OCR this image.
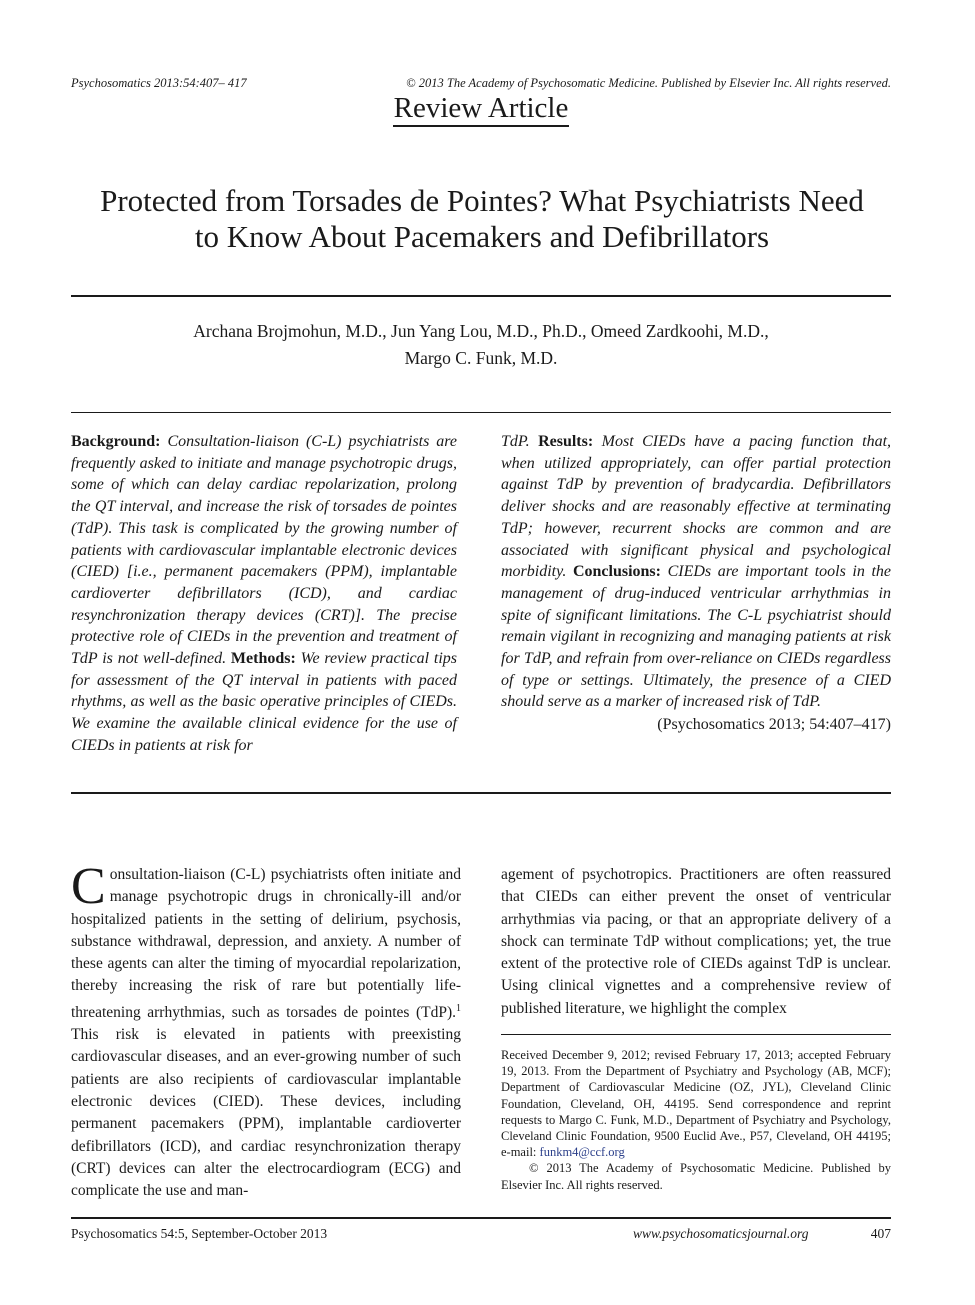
Psychosomatics 2013:54:407– 417	© 2013 The Academy of Psychosomatic Medicine. Published by Elsevier Inc. All rights reserved.
Review Article
Protected from Torsades de Pointes? What Psychiatrists Need
to Know About Pacemakers and Defibrillators
Archana Brojmohun, M.D., Jun Yang Lou, M.D., Ph.D., Omeed Zardkoohi, M.D.,
Margo C. Funk, M.D.
Background: Consultation-liaison (C-L) psychiatrists are frequently asked to initiate and manage psychotropic drugs, some of which can delay cardiac repolarization, prolong the QT interval, and increase the risk of torsades de pointes (TdP). This task is complicated by the growing number of patients with cardiovascular implantable electronic devices (CIED) [i.e., permanent pacemakers (PPM), implantable cardioverter defibrillators (ICD), and cardiac resynchronization therapy devices (CRT)]. The precise protective role of CIEDs in the prevention and treatment of TdP is not well-defined. Methods: We review practical tips for assessment of the QT interval in patients with paced rhythms, as well as the basic operative principles of CIEDs. We examine the available clinical evidence for the use of CIEDs in patients at risk for
TdP. Results: Most CIEDs have a pacing function that, when utilized appropriately, can offer partial protection against TdP by prevention of bradycardia. Defibrillators deliver shocks and are reasonably effective at terminating TdP; however, recurrent shocks are common and are associated with significant physical and psychological morbidity. Conclusions: CIEDs are important tools in the management of drug-induced ventricular arrhythmias in spite of significant limitations. The C-L psychiatrist should remain vigilant in recognizing and managing patients at risk for TdP, and refrain from over-reliance on CIEDs regardless of type or settings. Ultimately, the presence of a CIED should serve as a marker of increased risk of TdP.
(Psychosomatics 2013; 54:407–417)
Consultation-liaison (C-L) psychiatrists often initiate and manage psychotropic drugs in chronically-ill and/or hospitalized patients in the setting of delirium, psychosis, substance withdrawal, depression, and anxiety. A number of these agents can alter the timing of myocardial repolarization, thereby increasing the risk of rare but potentially life-threatening arrhythmias, such as torsades de pointes (TdP).$^1$ This risk is elevated in patients with preexisting cardiovascular diseases, and an ever-growing number of such patients are also recipients of cardiovascular implantable electronic devices (CIED). These devices, including permanent pacemakers (PPM), implantable cardioverter defibrillators (ICD), and cardiac resynchronization therapy (CRT) devices can alter the electrocardiogram (ECG) and complicate the use and man-
agement of psychotropics. Practitioners are often reassured that CIEDs can either prevent the onset of ventricular arrhythmias via pacing, or that an appropriate delivery of a shock can terminate TdP without complications; yet, the true extent of the protective role of CIEDs against TdP is unclear. Using clinical vignettes and a comprehensive review of published literature, we highlight the complex

Received December 9, 2012; revised February 17, 2013; accepted February 19, 2013. From the Department of Psychiatry and Psychology (AB, MCF); Department of Cardiovascular Medicine (OZ, JYL), Cleveland Clinic Foundation, Cleveland, OH, 44195. Send correspondence and reprint requests to Margo C. Funk, M.D., Department of Psychiatry and Psychology, Cleveland Clinic Foundation, 9500 Euclid Ave., P57, Cleveland, OH 44195; e-mail: funkm4@ccf.org

© 2013 The Academy of Psychosomatic Medicine. Published by Elsevier Inc. All rights reserved.

Psychosomatics 54:5, September-October 2013	www.psychosomaticsjournal.org	407
